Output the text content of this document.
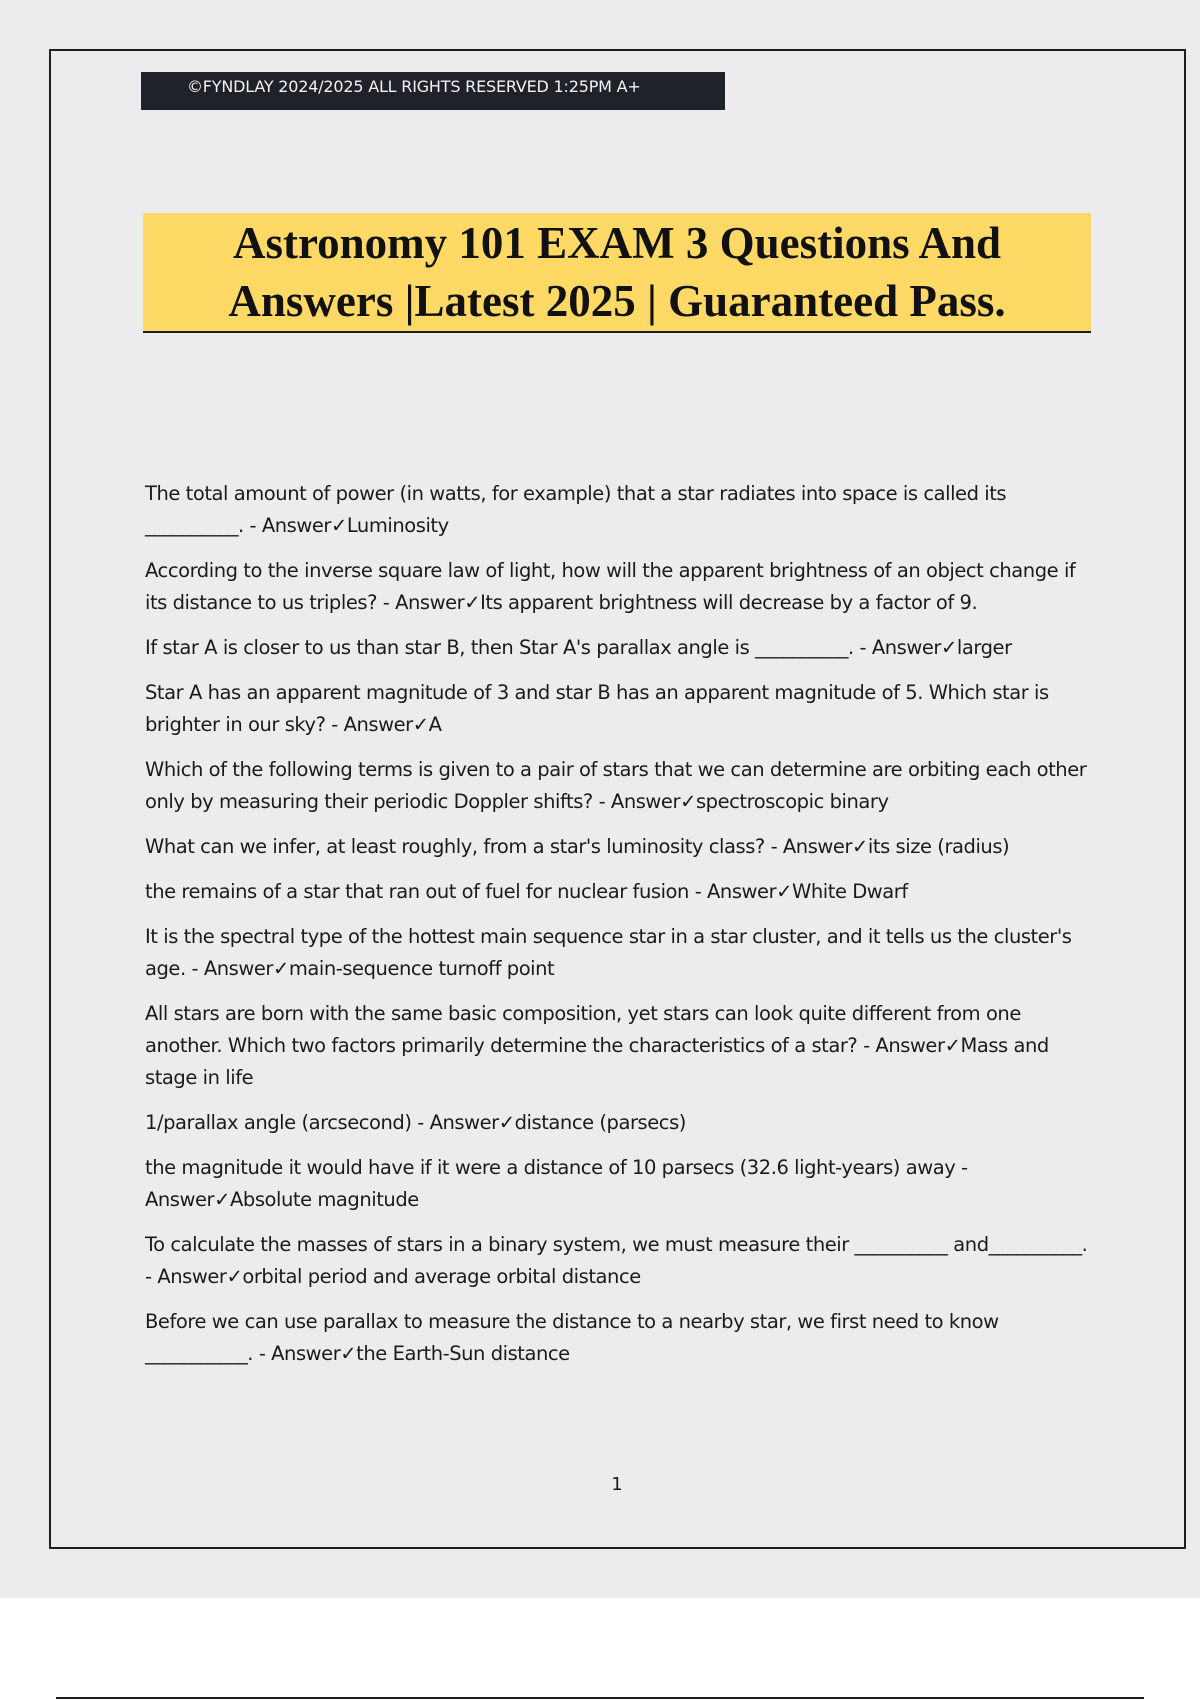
©FYNDLAY 2024/2025 ALL RIGHTS RESERVED 1:25PM A+
Astronomy 101 EXAM 3 Questions And
Answers |Latest 2025 | Guaranteed Pass.
The total amount of power (in watts, for example) that a star radiates into space is called its __________. - Answer✓Luminosity
According to the inverse square law of light, how will the apparent brightness of an object change if its distance to us triples? - Answer✓Its apparent brightness will decrease by a factor of 9.
If star A is closer to us than star B, then Star A's parallax angle is __________. - Answer✓larger
Star A has an apparent magnitude of 3 and star B has an apparent magnitude of 5. Which star is brighter in our sky? - Answer✓A
Which of the following terms is given to a pair of stars that we can determine are orbiting each other only by measuring their periodic Doppler shifts? - Answer✓spectroscopic binary
What can we infer, at least roughly, from a star's luminosity class? - Answer✓its size (radius)
the remains of a star that ran out of fuel for nuclear fusion - Answer✓White Dwarf
It is the spectral type of the hottest main sequence star in a star cluster, and it tells us the cluster's age. - Answer✓main-sequence turnoff point
All stars are born with the same basic composition, yet stars can look quite different from one another. Which two factors primarily determine the characteristics of a star? - Answer✓Mass and stage in life
1/parallax angle (arcsecond) - Answer✓distance (parsecs)
the magnitude it would have if it were a distance of 10 parsecs (32.6 light-years) away - Answer✓Absolute magnitude
To calculate the masses of stars in a binary system, we must measure their __________ and__________. - Answer✓orbital period and average orbital distance
Before we can use parallax to measure the distance to a nearby star, we first need to know ___________. - Answer✓the Earth-Sun distance
1
